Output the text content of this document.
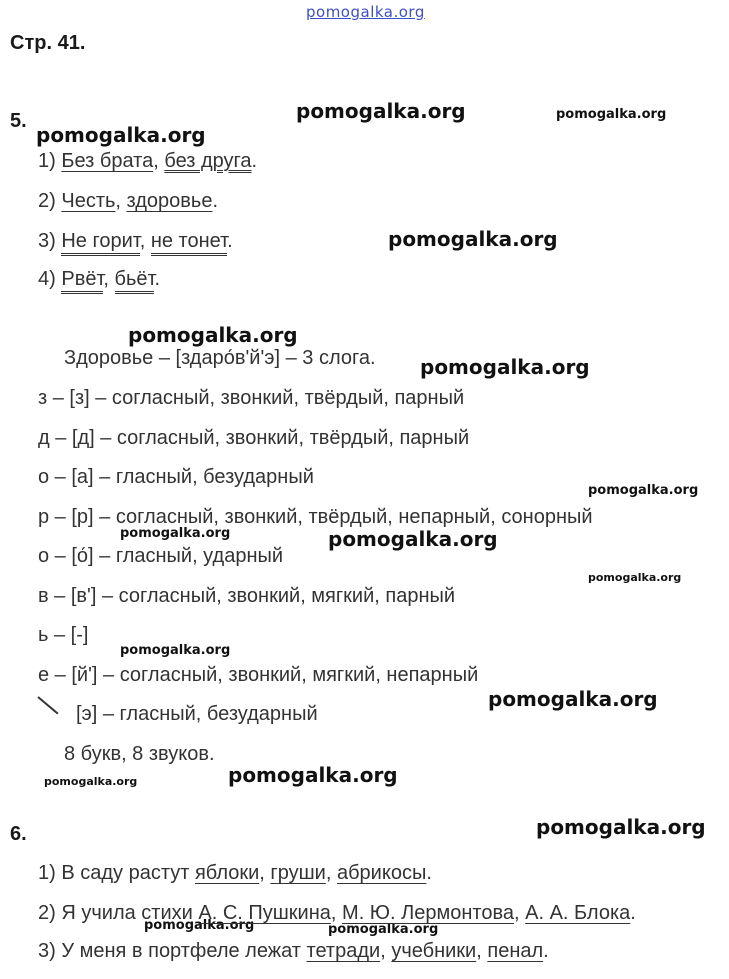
pomogalka.org
pomogalka.org	pomogalka.org
pomogalka.org
pomogalka.org
pomogalka.org
pomogalka.org
pomogalka.org
pomogalka.org	pomogalka.org
pomogalka.org
pomogalka.org
pomogalka.org
pomogalka.org	pomogalka.org
pomogalka.org
pomogalka.org	pomogalka.org
Стр. 41.
5.
1) Без брата, без друга.
2) Честь, здоровье.
3) Не горит, не тонет.
4) Рвёт, бьёт.
Здоровье – [здаро́в'й'э] – 3 слога.
з – [з] – согласный, звонкий, твёрдый, парный
д – [д] – согласный, звонкий, твёрдый, парный
о – [а] – гласный, безударный
р – [р] – согласный, звонкий, твёрдый, непарный, сонорный
о – [о́] – гласный, ударный
в – [в'] – согласный, звонкий, мягкий, парный
ь – [-]
е – [й'] – согласный, звонкий, мягкий, непарный
[э] – гласный, безударный
8 букв, 8 звуков.
6.
1) В саду растут яблоки, груши, абрикосы.
2) Я учила стихи А. С. Пушкина, М. Ю. Лермонтова, А. А. Блока.
3) У меня в портфеле лежат тетради, учебники, пенал.
